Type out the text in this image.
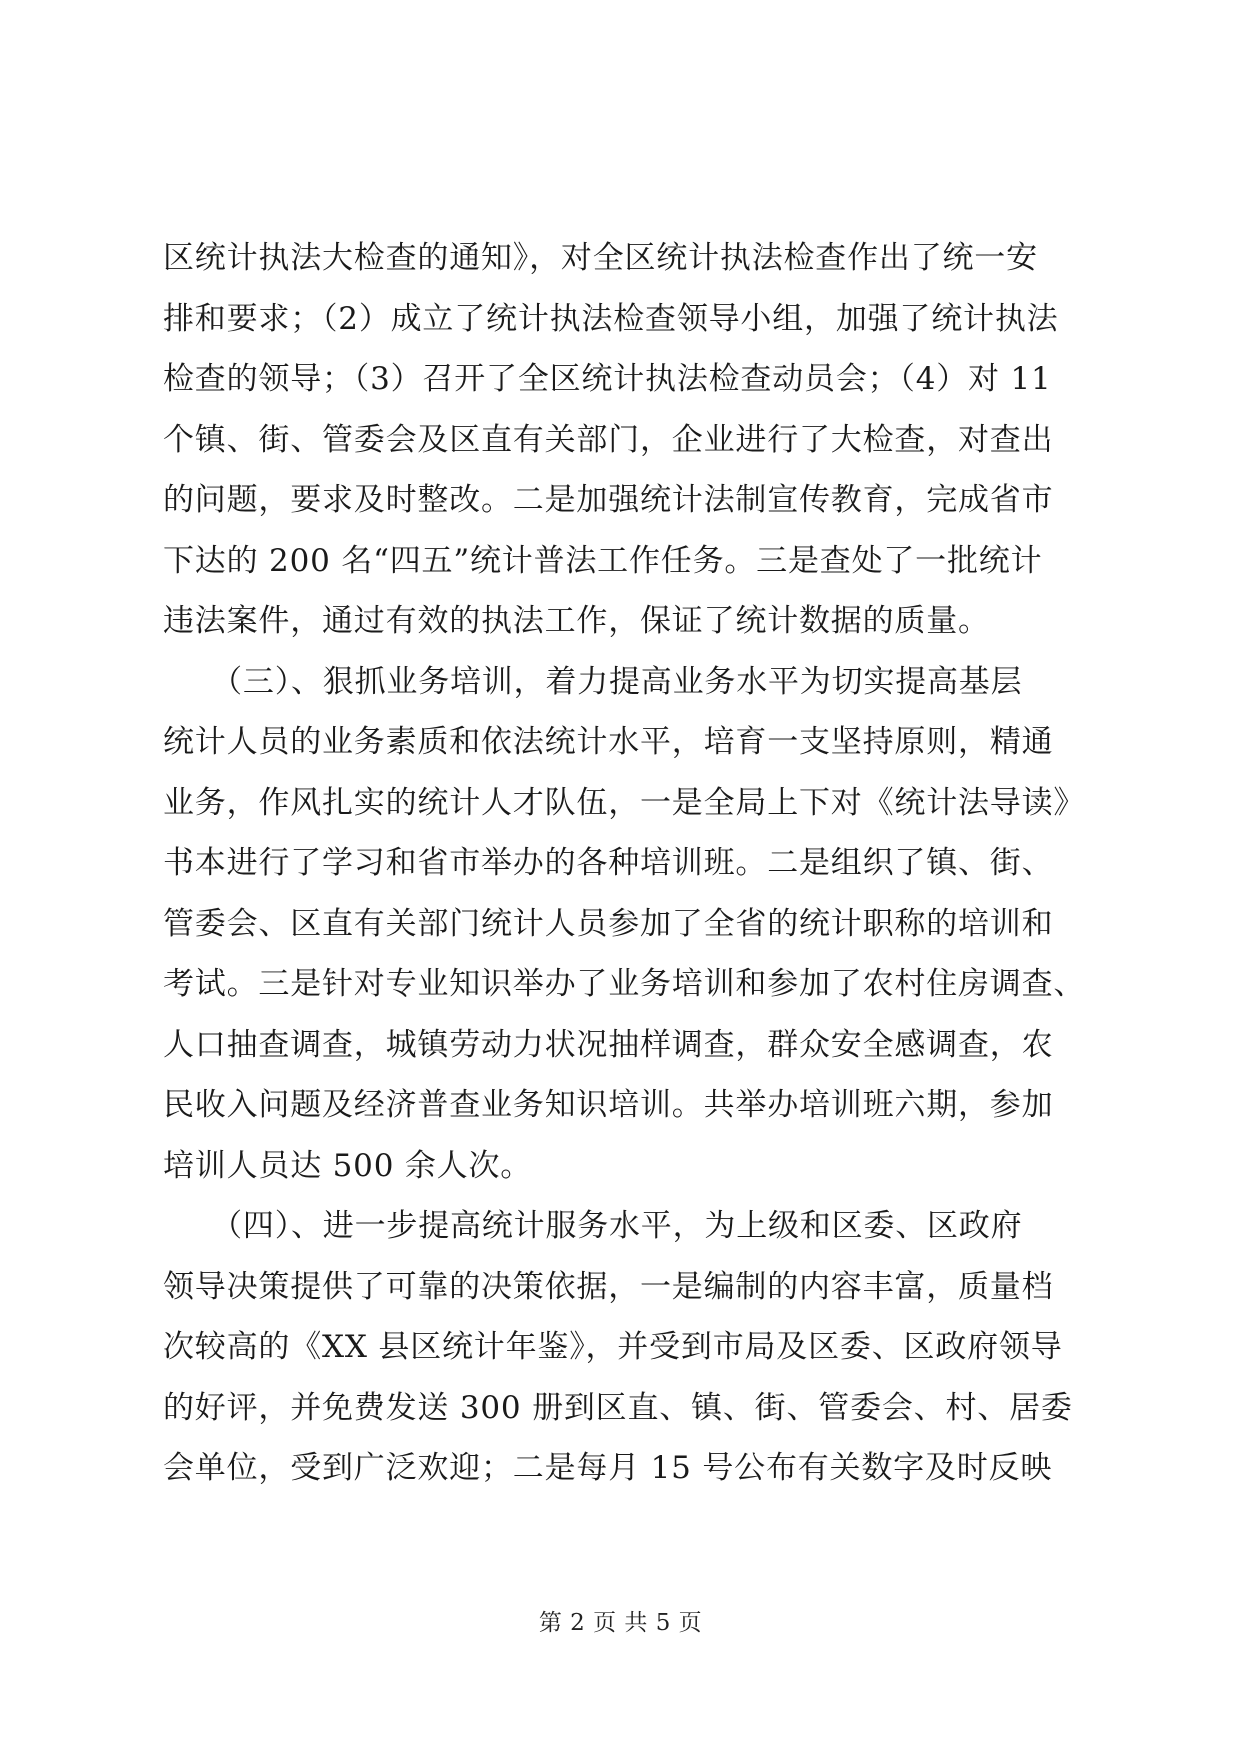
区统计执法大检查的通知》，对全区统计执法检查作出了统一安
排和要求；（2）成立了统计执法检查领导小组，加强了统计执法
检查的领导；（3）召开了全区统计执法检查动员会；（4）对 11
个镇、街、管委会及区直有关部门，企业进行了大检查，对查出
的问题，要求及时整改。二是加强统计法制宣传教育，完成省市
下达的 200 名“四五”统计普法工作任务。三是查处了一批统计
违法案件，通过有效的执法工作，保证了统计数据的质量。
　　（三）、狠抓业务培训，着力提高业务水平为切实提高基层
统计人员的业务素质和依法统计水平，培育一支坚持原则，精通
业务，作风扎实的统计人才队伍，一是全局上下对《统计法导读》
书本进行了学习和省市举办的各种培训班。二是组织了镇、街、
管委会、区直有关部门统计人员参加了全省的统计职称的培训和
考试。三是针对专业知识举办了业务培训和参加了农村住房调查、
人口抽查调查，城镇劳动力状况抽样调查，群众安全感调查，农
民收入问题及经济普查业务知识培训。共举办培训班六期，参加
培训人员达 500 余人次。
　　（四）、进一步提高统计服务水平，为上级和区委、区政府
领导决策提供了可靠的决策依据，一是编制的内容丰富，质量档
次较高的《XX 县区统计年鉴》，并受到市局及区委、区政府领导
的好评，并免费发送 300 册到区直、镇、街、管委会、村、居委
会单位，受到广泛欢迎；二是每月 15 号公布有关数字及时反映
第 2 页 共 5 页
